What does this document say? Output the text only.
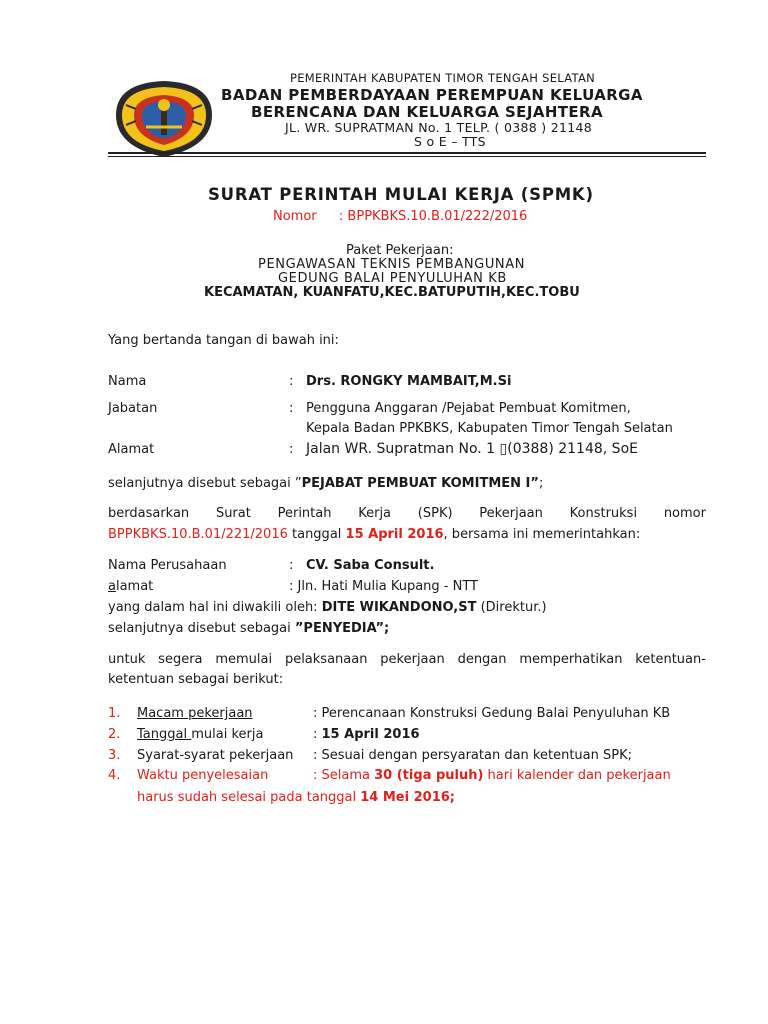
PEMERINTAH KABUPATEN TIMOR TENGAH SELATAN
BADAN PEMBERDAYAAN PEREMPUAN KELUARGA
BERENCANA DAN KELUARGA SEJAHTERA
JL. WR. SUPRATMAN No. 1 TELP. ( 0388 ) 21148
S o E – TTS
SURAT PERINTAH MULAI KERJA (SPMK)
Nomor : BPPKBKS.10.B.01/222/2016
Paket Pekerjaan:
PENGAWASAN TEKNIS PEMBANGUNAN
GEDUNG BALAI PENYULUHAN KB
KECAMATAN, KUANFATU,KEC.BATUPUTIH,KEC.TOBU
Yang bertanda tangan di bawah ini:
Nama	: Drs. RONGKY MAMBAIT,M.Si
Jabatan	: Pengguna Anggaran /Pejabat Pembuat Komitmen,
Kepala Badan PPKBKS, Kabupaten Timor Tengah Selatan
Alamat	: Jalan WR. Supratman No. 1 ▯(0388) 21148, SoE
selanjutnya disebut sebagai ”PEJABAT PEMBUAT KOMITMEN I”;
berdasarkan Surat Perintah Kerja (SPK) Pekerjaan Konstruksi nomor
BPPKBKS.10.B.01/221/2016 tanggal 15 April 2016, bersama ini memerintahkan:
Nama Perusahaan	: CV. Saba Consult.
alamat	: Jln. Hati Mulia Kupang - NTT
yang dalam hal ini diwakili oleh: DITE WIKANDONO,ST (Direktur.)
selanjutnya disebut sebagai ”PENYEDIA”;
untuk segera memulai pelaksanaan pekerjaan dengan memperhatikan ketentuan-
ketentuan sebagai berikut:
1. Macam pekerjaan	: Perencanaan Konstruksi Gedung Balai Penyuluhan KB
2. Tanggal mulai kerja	: 15 April 2016
3. Syarat-syarat pekerjaan : Sesuai dengan persyaratan dan ketentuan SPK;
4. Waktu penyelesaian	: Selama 30 (tiga puluh) hari kalender dan pekerjaan
harus sudah selesai pada tanggal 14 Mei 2016;
